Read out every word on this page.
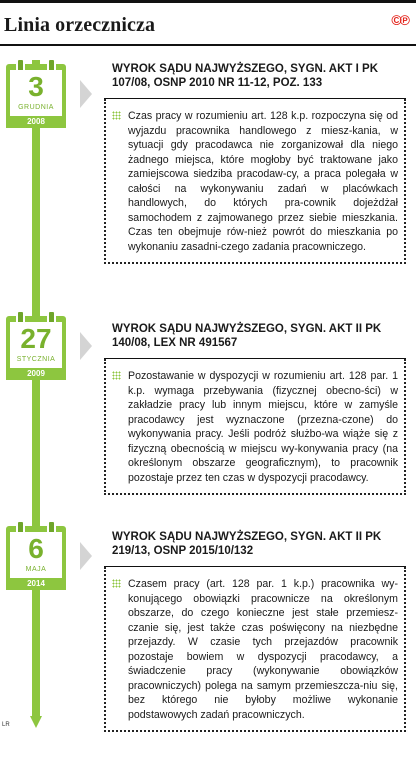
Linia orzecznicza	©℗
3
GRUDNIA
2008
WYROK SĄDU NAJWYŻSZEGO, SYGN. AKT I PK 107/08, OSNP 2010 NR 11-12, POZ. 133
Czas pracy w rozumieniu art. 128 k.p. rozpoczyna się od wyjazdu pracownika handlowego z miesz-kania, w sytuacji gdy pracodawca nie zorganizował dla niego żadnego miejsca, które mogłoby być traktowane jako zamiejscowa siedziba pracodaw-cy, a praca polegała w całości na wykonywaniu zadań w placówkach handlowych, do których pra-cownik dojeżdżał samochodem z zajmowanego przez siebie mieszkania. Czas ten obejmuje rów-nież powrót do mieszkania po wykonaniu zasadni-czego zadania pracowniczego.
27
STYCZNIA
2009
WYROK SĄDU NAJWYŻSZEGO, SYGN. AKT II PK 140/08, LEX NR 491567
Pozostawanie w dyspozycji w rozumieniu art. 128 par. 1 k.p. wymaga przebywania (fizycznej obecno-ści) w zakładzie pracy lub innym miejscu, które w zamyśle pracodawcy jest wyznaczone (przezna-czone) do wykonywania pracy. Jeśli podróż służbo-wa wiąże się z fizyczną obecnością w miejscu wy-konywania pracy (na określonym obszarze geograficznym), to pracownik pozostaje przez ten czas w dyspozycji pracodawcy.
6
MAJA
2014
WYROK SĄDU NAJWYŻSZEGO, SYGN. AKT II PK 219/13, OSNP 2015/10/132
Czasem pracy (art. 128 par. 1 k.p.) pracownika wy-konującego obowiązki pracownicze na określonym obszarze, do czego konieczne jest stałe przemiesz-czanie się, jest także czas poświęcony na niezbędne przejazdy. W czasie tych przejazdów pracownik pozostaje bowiem w dyspozycji pracodawcy, a świadczenie pracy (wykonywanie obowiązków pracowniczych) polega na samym przemieszcza-niu się, bez którego nie byłoby możliwe wykonanie podstawowych zadań pracowniczych.
LR
